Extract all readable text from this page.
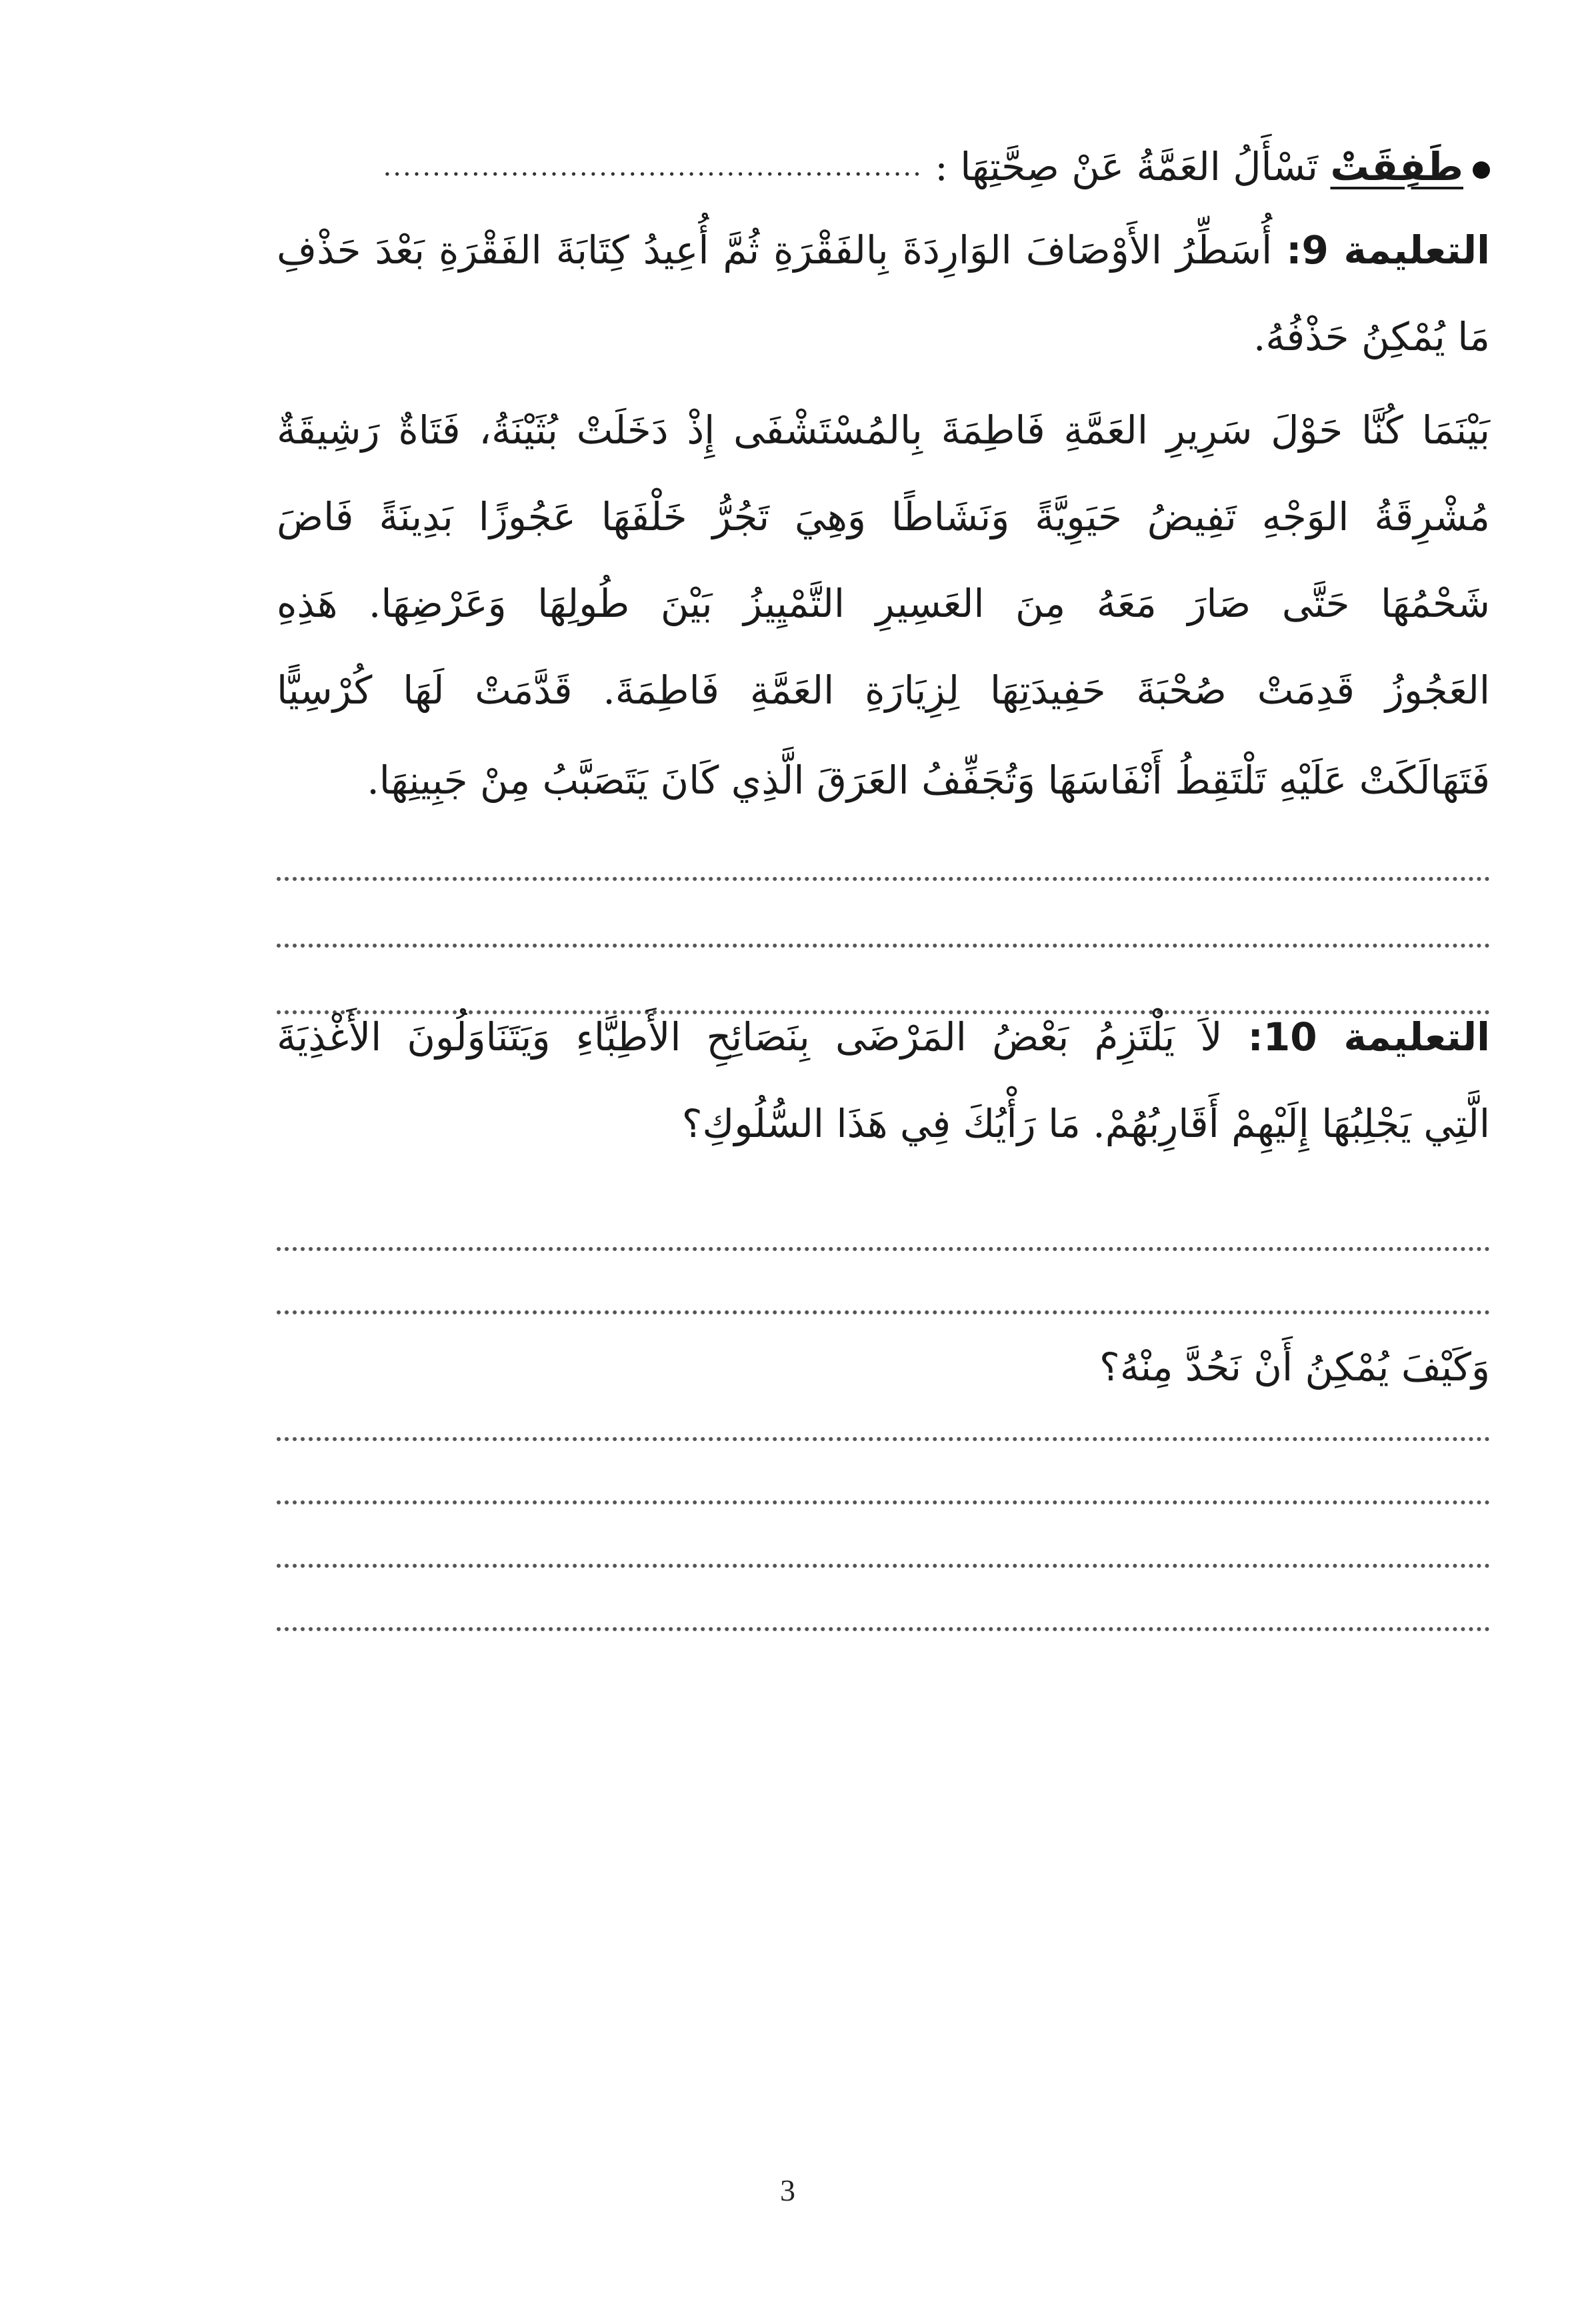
طَفِقَتْ تَسْأَلُ العَمَّةُ عَنْ صِحَّتِهَا : .......................................................
التعليمة 9: أُسَطِّرُ الأَوْصَافَ الوَارِدَةَ بِالفَقْرَةِ ثُمَّ أُعِيدُ كِتَابَةَ الفَقْرَةِ بَعْدَ حَذْفِ
مَا يُمْكِنُ حَذْفُهُ.
بَيْنَمَا كُنَّا حَوْلَ سَرِيرِ العَمَّةِ فَاطِمَةَ بِالمُسْتَشْفَى إِذْ دَخَلَتْ بُثَيْنَةُ، فَتَاةٌ رَشِيقَةٌ
مُشْرِقَةُ الوَجْهِ تَفِيضُ حَيَوِيَّةً وَنَشَاطًا وَهِيَ تَجُرُّ خَلْفَهَا عَجُوزًا بَدِينَةً فَاضَ
شَحْمُهَا حَتَّى صَارَ مَعَهُ مِنَ العَسِيرِ التَّمْيِيزُ بَيْنَ طُولِهَا وَعَرْضِهَا. هَذِهِ
العَجُوزُ قَدِمَتْ صُحْبَةَ حَفِيدَتِهَا لِزِيَارَةِ العَمَّةِ فَاطِمَةَ. قَدَّمَتْ لَهَا كُرْسِيًّا
فَتَهَالَكَتْ عَلَيْهِ تَلْتَقِطُ أَنْفَاسَهَا وَتُجَفِّفُ العَرَقَ الَّذِي كَانَ يَتَصَبَّبُ مِنْ جَبِينِهَا.
التعليمة 10: لاَ يَلْتَزِمُ بَعْضُ المَرْضَى بِنَصَائِحِ الأَطِبَّاءِ وَيَتَنَاوَلُونَ الأَغْذِيَةَ
الَّتِي يَجْلِبُهَا إِلَيْهِمْ أَقَارِبُهُمْ. مَا رَأْيُكَ فِي هَذَا السُّلُوكِ؟
وَكَيْفَ يُمْكِنُ أَنْ نَحُدَّ مِنْهُ؟
3
